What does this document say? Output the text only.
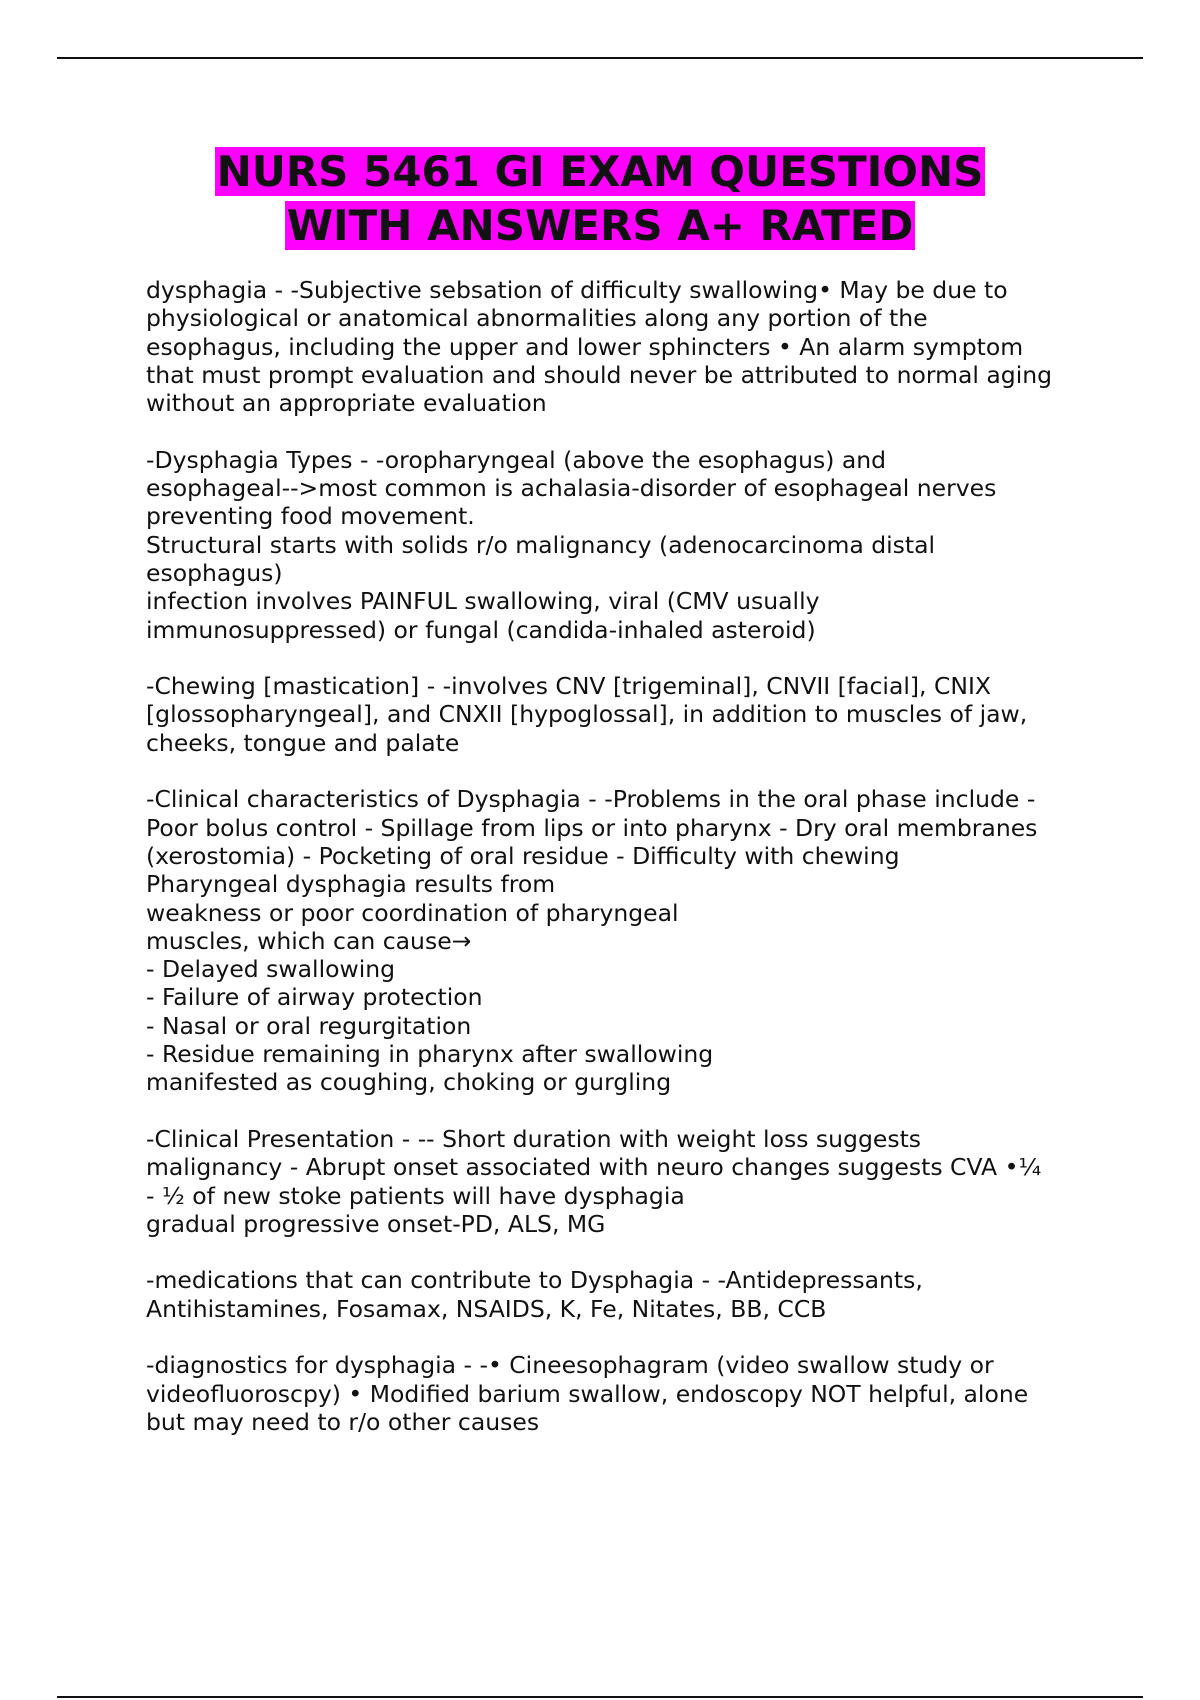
NURS 5461 GI EXAM QUESTIONS
WITH ANSWERS A+ RATED
dysphagia - -Subjective sebsation of difficulty swallowing• May be due to
physiological or anatomical abnormalities along any portion of the
esophagus, including the upper and lower sphincters • An alarm symptom
that must prompt evaluation and should never be attributed to normal aging
without an appropriate evaluation
-Dysphagia Types - -oropharyngeal (above the esophagus) and
esophageal-->most common is achalasia-disorder of esophageal nerves
preventing food movement.
Structural starts with solids r/o malignancy (adenocarcinoma distal
esophagus)
infection involves PAINFUL swallowing, viral (CMV usually
immunosuppressed) or fungal (candida-inhaled asteroid)
-Chewing [mastication] - -involves CNV [trigeminal], CNVII [facial], CNIX
[glossopharyngeal], and CNXII [hypoglossal], in addition to muscles of jaw,
cheeks, tongue and palate
-Clinical characteristics of Dysphagia - -Problems in the oral phase include -
Poor bolus control - Spillage from lips or into pharynx - Dry oral membranes
(xerostomia) - Pocketing of oral residue - Difficulty with chewing
Pharyngeal dysphagia results from
weakness or poor coordination of pharyngeal
muscles, which can cause→
- Delayed swallowing
- Failure of airway protection
- Nasal or oral regurgitation
- Residue remaining in pharynx after swallowing
manifested as coughing, choking or gurgling
-Clinical Presentation - -- Short duration with weight loss suggests
malignancy - Abrupt onset associated with neuro changes suggests CVA •¼
- ½ of new stoke patients will have dysphagia
gradual progressive onset-PD, ALS, MG
-medications that can contribute to Dysphagia - -Antidepressants,
Antihistamines, Fosamax, NSAIDS, K, Fe, Nitates, BB, CCB
-diagnostics for dysphagia - -• Cineesophagram (video swallow study or
videofluoroscpy) • Modified barium swallow, endoscopy NOT helpful, alone
but may need to r/o other causes
